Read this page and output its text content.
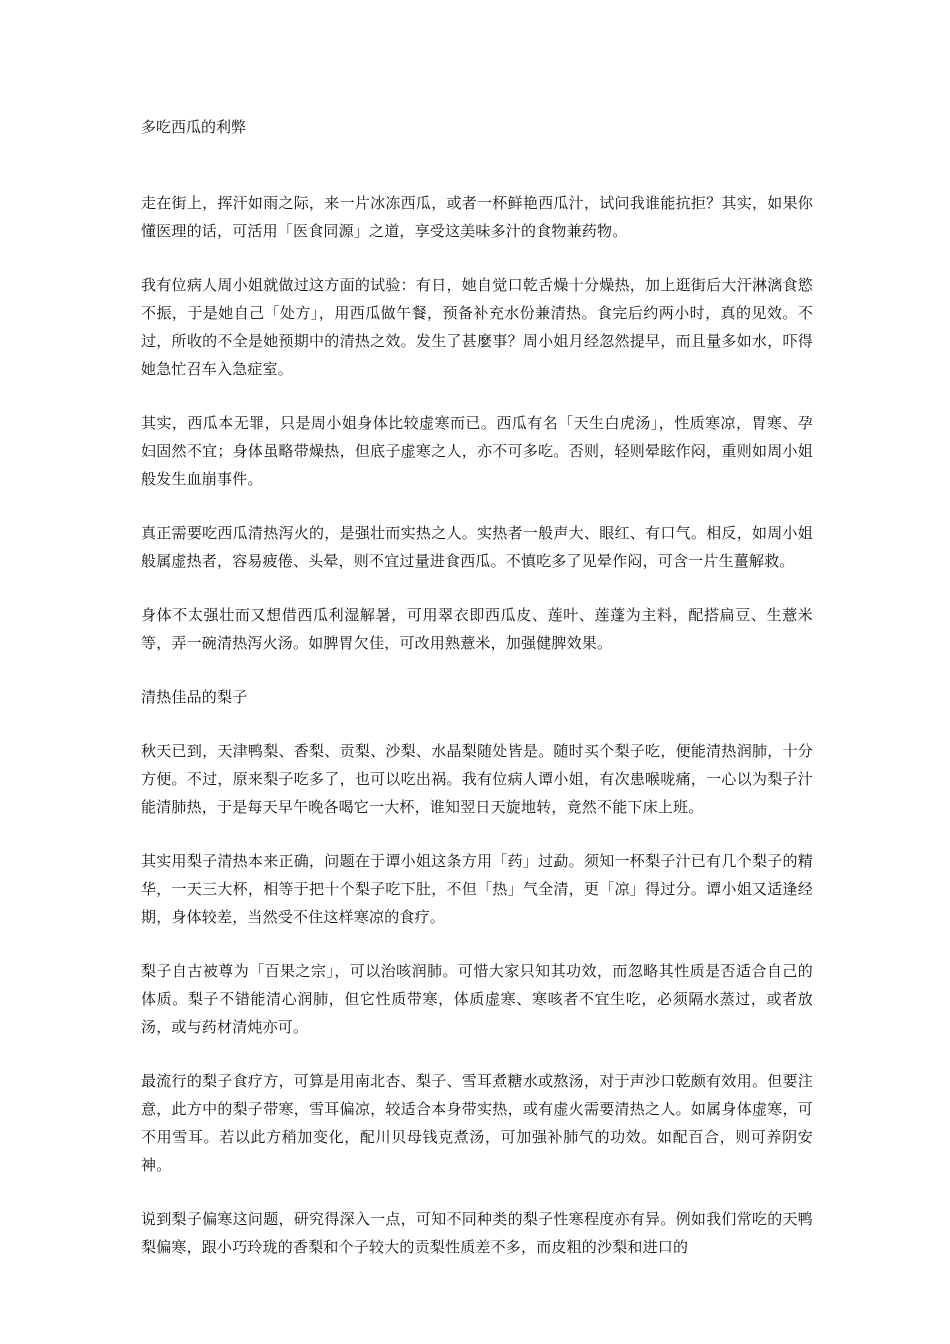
多吃西瓜的利弊

走在街上，挥汗如雨之际，来一片冰冻西瓜，或者一杯鲜艳西瓜汁，试问我谁能抗拒？其实，如果你懂医理的话，可活用「医食同源」之道，享受这美味多汁的食物兼药物。

我有位病人周小姐就做过这方面的试验：有日，她自觉口乾舌燥十分燥热，加上逛街后大汗淋漓食慾不振，于是她自己「处方」，用西瓜做午餐，预备补充水份兼清热。食完后约两小时，真的见效。不过，所收的不全是她预期中的清热之效。发生了甚麼事？周小姐月经忽然提早，而且量多如水，吓得她急忙召车入急症室。

其实，西瓜本无罪，只是周小姐身体比较虚寒而已。西瓜有名「天生白虎汤」，性质寒凉，胃寒、孕妇固然不宜；身体虽略带燥热，但底子虚寒之人，亦不可多吃。否则，轻则晕眩作闷，重则如周小姐般发生血崩事件。

真正需要吃西瓜清热泻火的，是强壮而实热之人。实热者一般声大、眼红、有口气。相反，如周小姐般属虚热者，容易疲倦、头晕，则不宜过量进食西瓜。不慎吃多了见晕作闷，可含一片生薑解救。

身体不太强壮而又想借西瓜利湿解暑，可用翠衣即西瓜皮、莲叶、莲蓬为主料，配搭扁豆、生薏米等，弄一碗清热泻火汤。如脾胃欠佳，可改用熟薏米，加强健脾效果。

清热佳品的梨子

秋天已到，天津鸭梨、香梨、贡梨、沙梨、水晶梨随处皆是。随时买个梨子吃，便能清热润肺，十分方便。不过，原来梨子吃多了，也可以吃出祸。我有位病人谭小姐，有次患喉咙痛，一心以为梨子汁能清肺热，于是每天早午晚各喝它一大杯，谁知翌日天旋地转，竟然不能下床上班。

其实用梨子清热本来正确，问题在于谭小姐这条方用「药」过勐。须知一杯梨子汁已有几个梨子的精华，一天三大杯，相等于把十个梨子吃下肚，不但「热」气全清，更「凉」得过分。谭小姐又适逢经期，身体较差，当然受不住这样寒凉的食疗。

梨子自古被尊为「百果之宗」，可以治咳润肺。可惜大家只知其功效，而忽略其性质是否适合自己的体质。梨子不错能清心润肺，但它性质带寒，体质虚寒、寒咳者不宜生吃，必须隔水蒸过，或者放汤，或与药材清炖亦可。

最流行的梨子食疗方，可算是用南北杏、梨子、雪耳煮糖水或熬汤，对于声沙口乾颇有效用。但要注意，此方中的梨子带寒，雪耳偏凉，较适合本身带实热，或有虚火需要清热之人。如属身体虚寒，可不用雪耳。若以此方稍加变化，配川贝母钱克煮汤，可加强补肺气的功效。如配百合，则可养阴安神。

说到梨子偏寒这问题，研究得深入一点，可知不同种类的梨子性寒程度亦有异。例如我们常吃的天鸭梨偏寒，跟小巧玲珑的香梨和个子较大的贡梨性质差不多，而皮粗的沙梨和进口的
